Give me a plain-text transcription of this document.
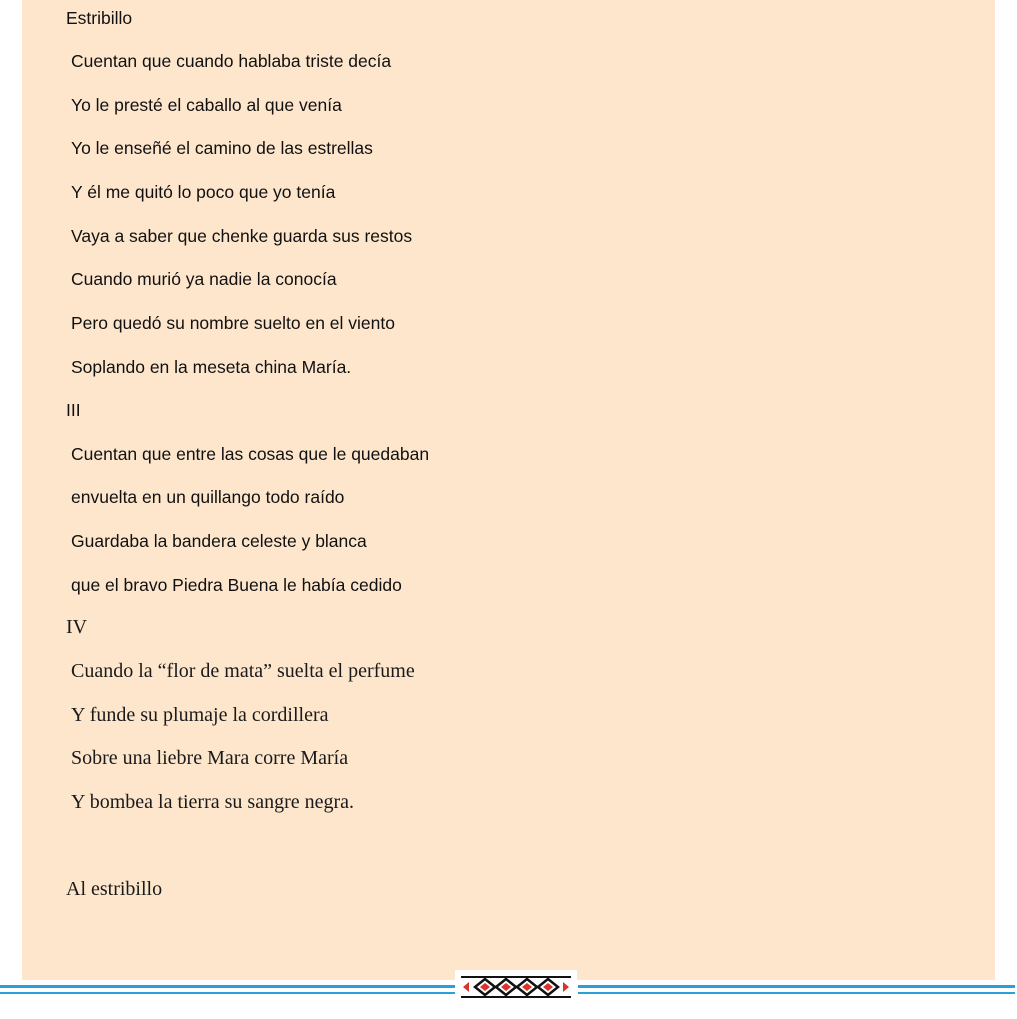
Estribillo
Cuentan que cuando hablaba triste decía
Yo le presté el caballo al que venía
Yo le enseñé el camino de las estrellas
Y él me quitó lo poco que yo tenía
Vaya a saber que chenke guarda sus restos
Cuando murió ya nadie la conocía
Pero quedó su nombre suelto en el viento
Soplando en la meseta china María.
III
Cuentan que entre las cosas que le quedaban
envuelta en un quillango todo raído
Guardaba la bandera celeste y blanca
que el bravo Piedra Buena le había cedido
IV
Cuando la “flor de mata” suelta el perfume
Y funde su plumaje la cordillera
Sobre una liebre Mara corre María
Y bombea la tierra su sangre negra.
Al estribillo
